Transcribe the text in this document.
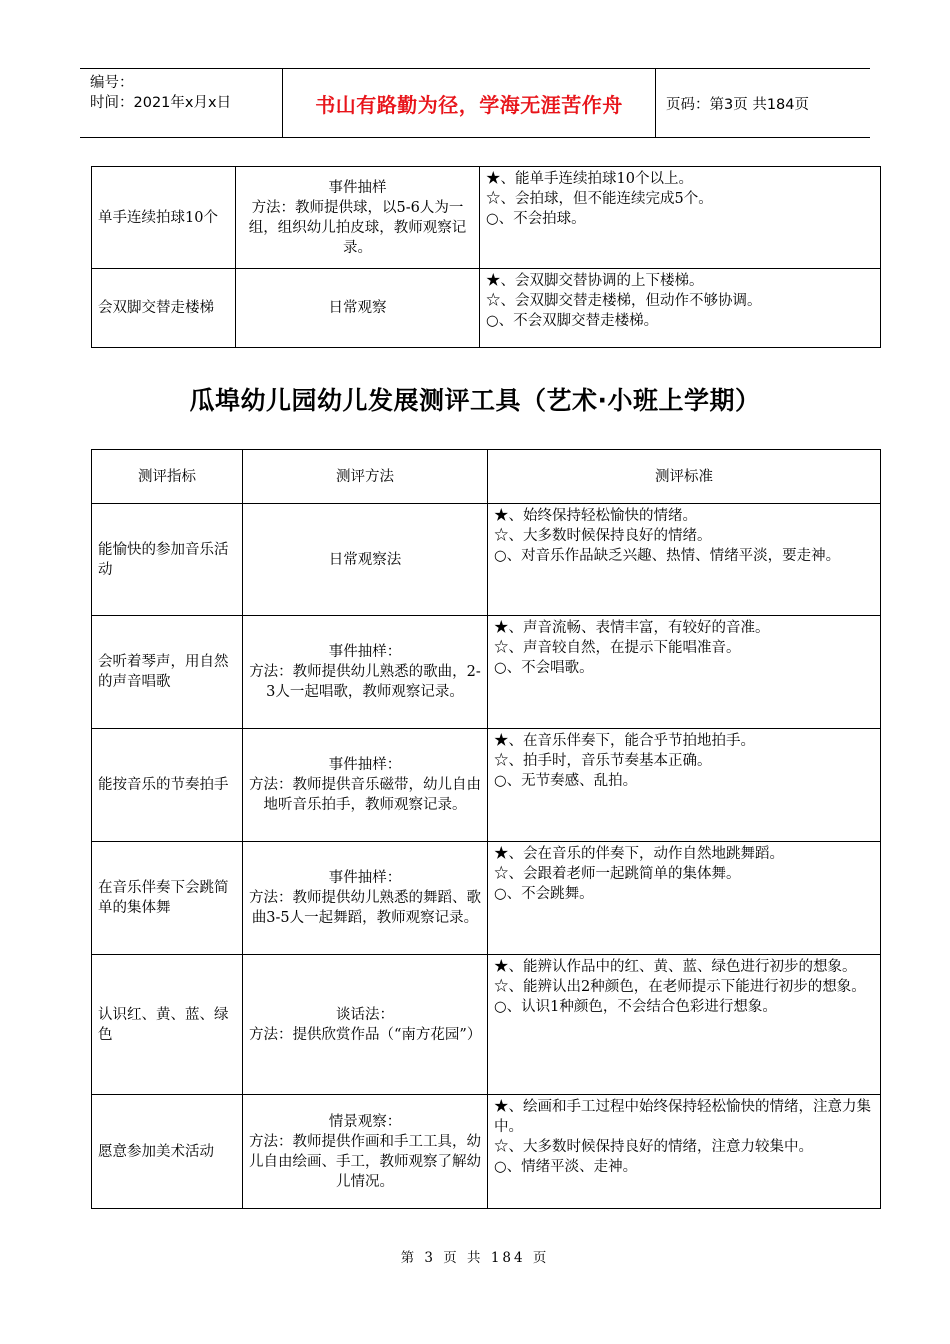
编号：
时间：2021年x月x日	书山有路勤为径，学海无涯苦作舟	页码：第3页 共184页
单手连续拍球10个	事件抽样
方法：教师提供球，以5-6人为一组，组织幼儿拍皮球，教师观察记录。	★、能单手连续拍球10个以上。
☆、会拍球，但不能连续完成5个。
○、不会拍球。

会双脚交替走楼梯	日常观察	★、会双脚交替协调的上下楼梯。
☆、会双脚交替走楼梯，但动作不够协调。
○、不会双脚交替走楼梯。
瓜埠幼儿园幼儿发展测评工具（艺术·小班上学期）
测评指标	测评方法	测评标准
能愉快的参加音乐活动	日常观察法	★、始终保持轻松愉快的情绪。
☆、大多数时候保持良好的情绪。
○、对音乐作品缺乏兴趣、热情、情绪平淡，要走神。

会听着琴声，用自然的声音唱歌	事件抽样：
方法：教师提供幼儿熟悉的歌曲，2-3人一起唱歌，教师观察记录。	★、声音流畅、表情丰富，有较好的音准。
☆、声音较自然，在提示下能唱准音。
○、不会唱歌。

能按音乐的节奏拍手	事件抽样：
方法：教师提供音乐磁带，幼儿自由地听音乐拍手，教师观察记录。	★、在音乐伴奏下，能合乎节拍地拍手。
☆、拍手时，音乐节奏基本正确。
○、无节奏感、乱拍。

在音乐伴奏下会跳简单的集体舞	事件抽样：
方法：教师提供幼儿熟悉的舞蹈、歌曲3-5人一起舞蹈，教师观察记录。	★、会在音乐的伴奏下，动作自然地跳舞蹈。
☆、会跟着老师一起跳简单的集体舞。
○、不会跳舞。

认识红、黄、蓝、绿色	谈话法：
方法：提供欣赏作品（“南方花园”）	★、能辨认作品中的红、黄、蓝、绿色进行初步的想象。
☆、能辨认出2种颜色，在老师提示下能进行初步的想象。
○、认识1种颜色，不会结合色彩进行想象。

愿意参加美术活动	情景观察：
方法：教师提供作画和手工工具，幼儿自由绘画、手工，教师观察了解幼儿情况。	★、绘画和手工过程中始终保持轻松愉快的情绪，注意力集中。
☆、大多数时候保持良好的情绪，注意力较集中。
○、情绪平淡、走神。
第 3 页 共 184 页
